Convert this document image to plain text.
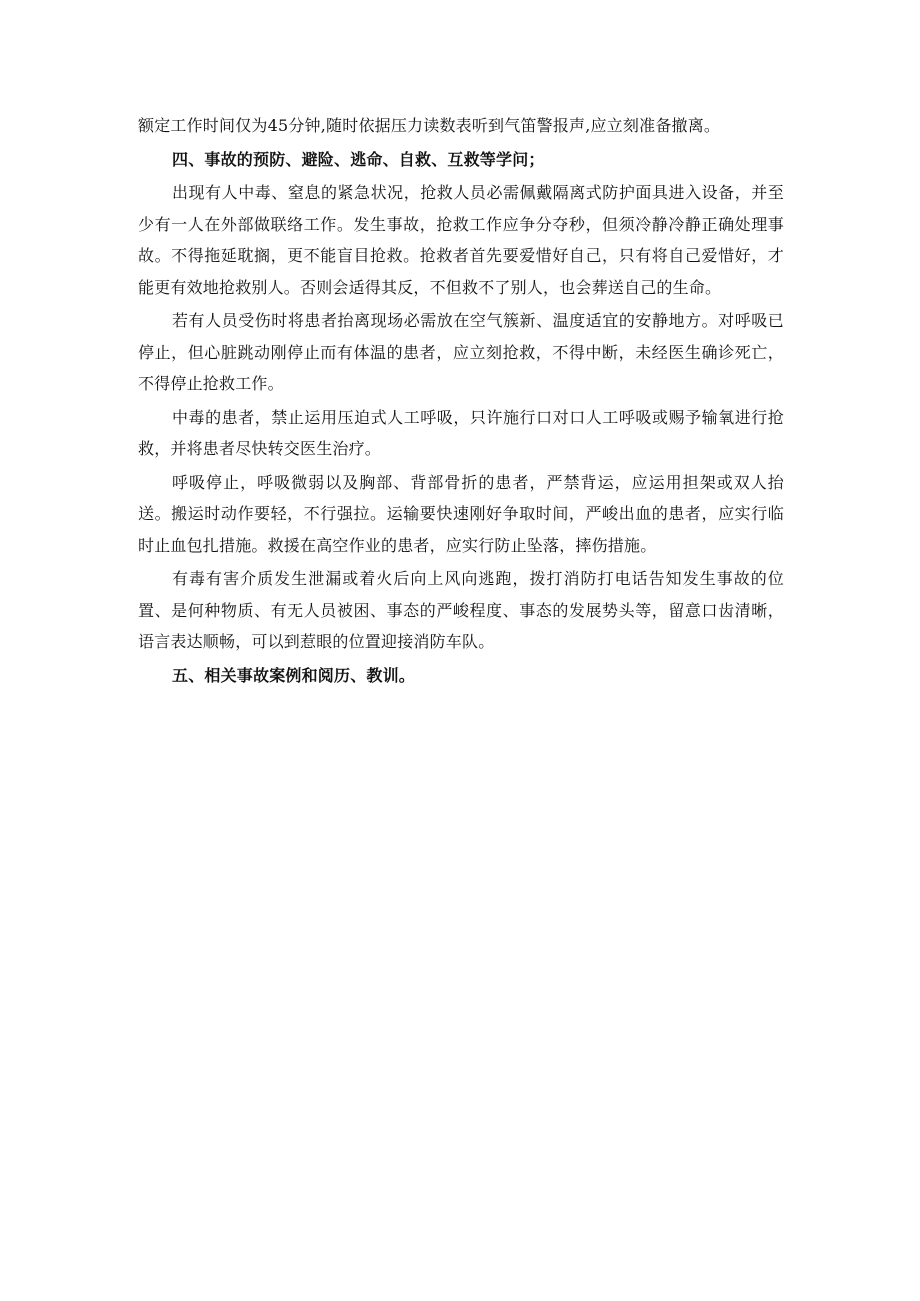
额定工作时间仅为45分钟,随时依据压力读数表听到气笛警报声,应立刻准备撤离。

四、事故的预防、避险、逃命、自救、互救等学问；

出现有人中毒、窒息的紧急状况，抢救人员必需佩戴隔离式防护面具进入设备，并至少有一人在外部做联络工作。发生事故，抢救工作应争分夺秒，但须冷静冷静正确处理事故。不得拖延耽搁，更不能盲目抢救。抢救者首先要爱惜好自己，只有将自己爱惜好，才能更有效地抢救别人。否则会适得其反，不但救不了别人，也会葬送自己的生命。

若有人员受伤时将患者抬离现场必需放在空气簇新、温度适宜的安静地方。对呼吸已停止，但心脏跳动刚停止而有体温的患者，应立刻抢救，不得中断，未经医生确诊死亡，不得停止抢救工作。

中毒的患者，禁止运用压迫式人工呼吸，只许施行口对口人工呼吸或赐予输氧进行抢救，并将患者尽快转交医生治疗。

呼吸停止，呼吸微弱以及胸部、背部骨折的患者，严禁背运，应运用担架或双人抬送。搬运时动作要轻，不行强拉。运输要快速刚好争取时间，严峻出血的患者，应实行临时止血包扎措施。救援在高空作业的患者，应实行防止坠落，摔伤措施。

有毒有害介质发生泄漏或着火后向上风向逃跑，拨打消防打电话告知发生事故的位置、是何种物质、有无人员被困、事态的严峻程度、事态的发展势头等，留意口齿清晰，语言表达顺畅，可以到惹眼的位置迎接消防车队。

五、相关事故案例和阅历、教训。
